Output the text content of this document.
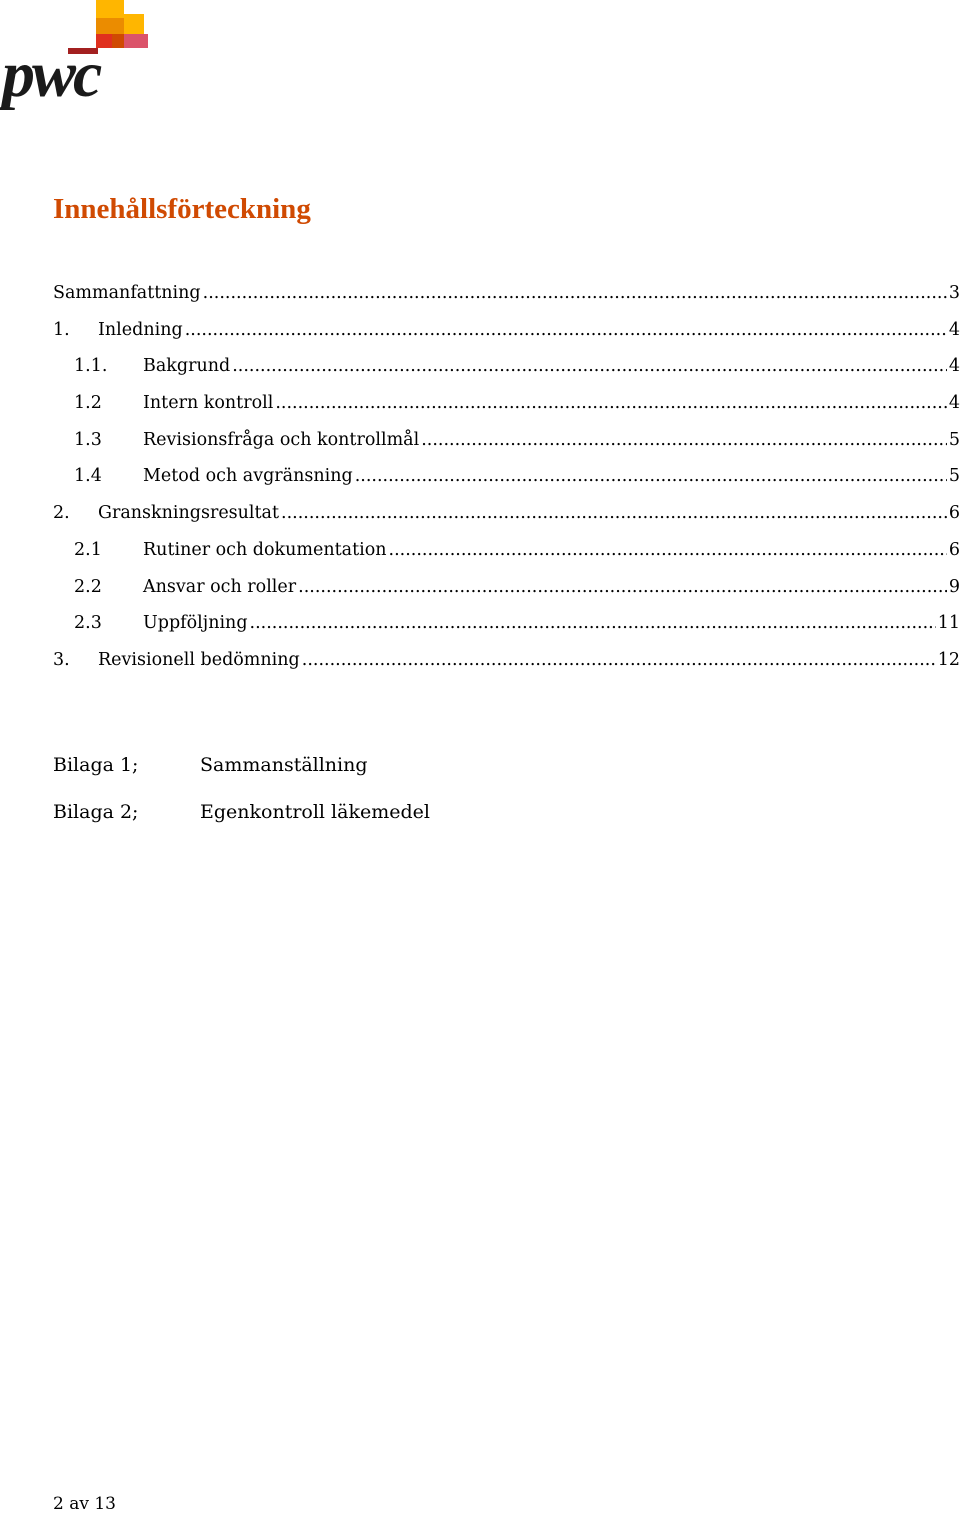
pwc
Innehållsförteckning
Sammanfattning .....	3
1.	Inledning .....	4
1.1.	Bakgrund .....	4
1.2	Intern kontroll .....	4
1.3	Revisionsfråga och kontrollmål .....	5
1.4	Metod och avgränsning .....	5
2.	Granskningsresultat .....	6
2.1	Rutiner och dokumentation .....	6
2.2	Ansvar och roller .....	9
2.3	Uppföljning .....	11
3.	Revisionell bedömning .....	12
Bilaga 1;	Sammanställning
Bilaga 2;	Egenkontroll läkemedel
2 av 13
